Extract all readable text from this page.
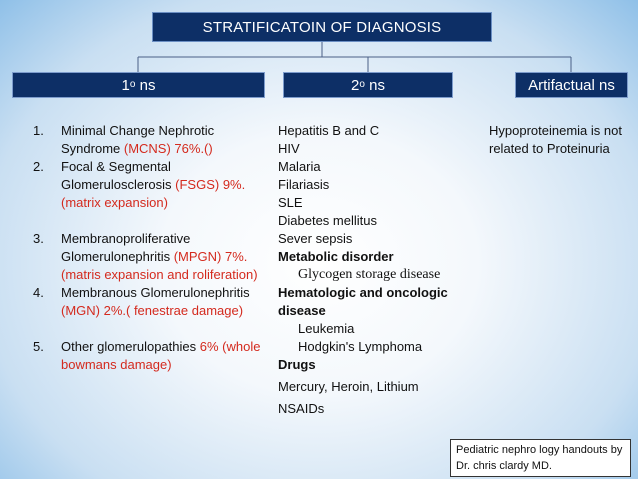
STRATIFICATOIN OF DIAGNOSIS
1 o ns	2 o ns	Artifactual ns
1. Minimal Change Nephrotic Syndrome (MCNS) 76%.()
2. Focal & Segmental Glomerulosclerosis (FSGS) 9%. (matrix expansion)
3. Membranoproliferative Glomerulonephritis (MPGN) 7%. (matris expansion and roliferation)
4. Membranous Glomerulonephritis (MGN) 2%.( fenestrae damage)
5. Other glomerulopathies 6% (whole bowmans damage)
Hepatitis B and C
HIV
Malaria
Filariasis
SLE
Diabetes mellitus
Sever sepsis
Metabolic disorder
Glycogen storage disease
Hematologic and oncologic disease
Leukemia
Hodgkin's Lymphoma
Drugs
Mercury, Heroin, Lithium
NSAIDs
Hypoproteinemia is not related to Proteinuria
Pediatric nephro logy handouts by Dr. chris clardy MD.
